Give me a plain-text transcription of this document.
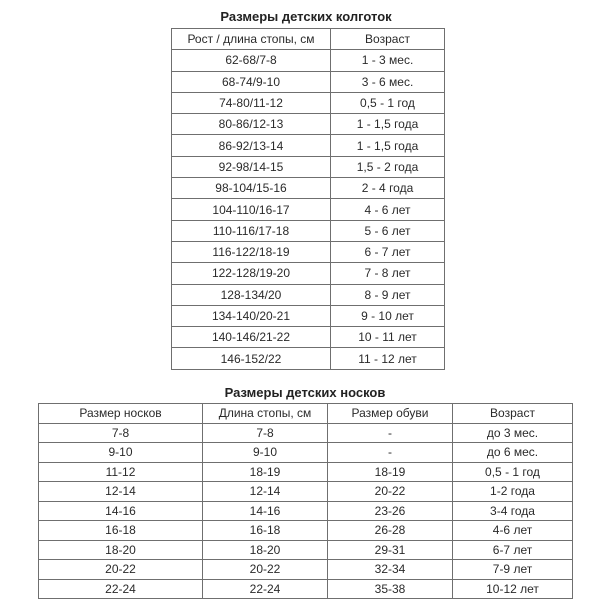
Размеры детских колготок
Рост / длина стопы, см	Возраст
62-68/7-8	1 - 3 мес.
68-74/9-10	3 - 6 мес.
74-80/11-12	0,5 - 1 год
80-86/12-13	1 - 1,5 года
86-92/13-14	1 - 1,5 года
92-98/14-15	1,5 - 2 года
98-104/15-16	2 - 4 года
104-110/16-17	4 - 6 лет
110-116/17-18	5 - 6 лет
116-122/18-19	6 - 7 лет
122-128/19-20	7 - 8 лет
128-134/20	8 - 9 лет
134-140/20-21	9 - 10 лет
140-146/21-22	10 - 11 лет
146-152/22	11 - 12 лет
Размеры детских носков
Размер носков	Длина стопы, см	Размер обуви	Возраст
7-8	7-8	-	до 3 мес.
9-10	9-10	-	до 6 мес.
11-12	18-19	18-19	0,5 - 1 год
12-14	12-14	20-22	1-2 года
14-16	14-16	23-26	3-4 года
16-18	16-18	26-28	4-6 лет
18-20	18-20	29-31	6-7 лет
20-22	20-22	32-34	7-9 лет
22-24	22-24	35-38	10-12 лет
